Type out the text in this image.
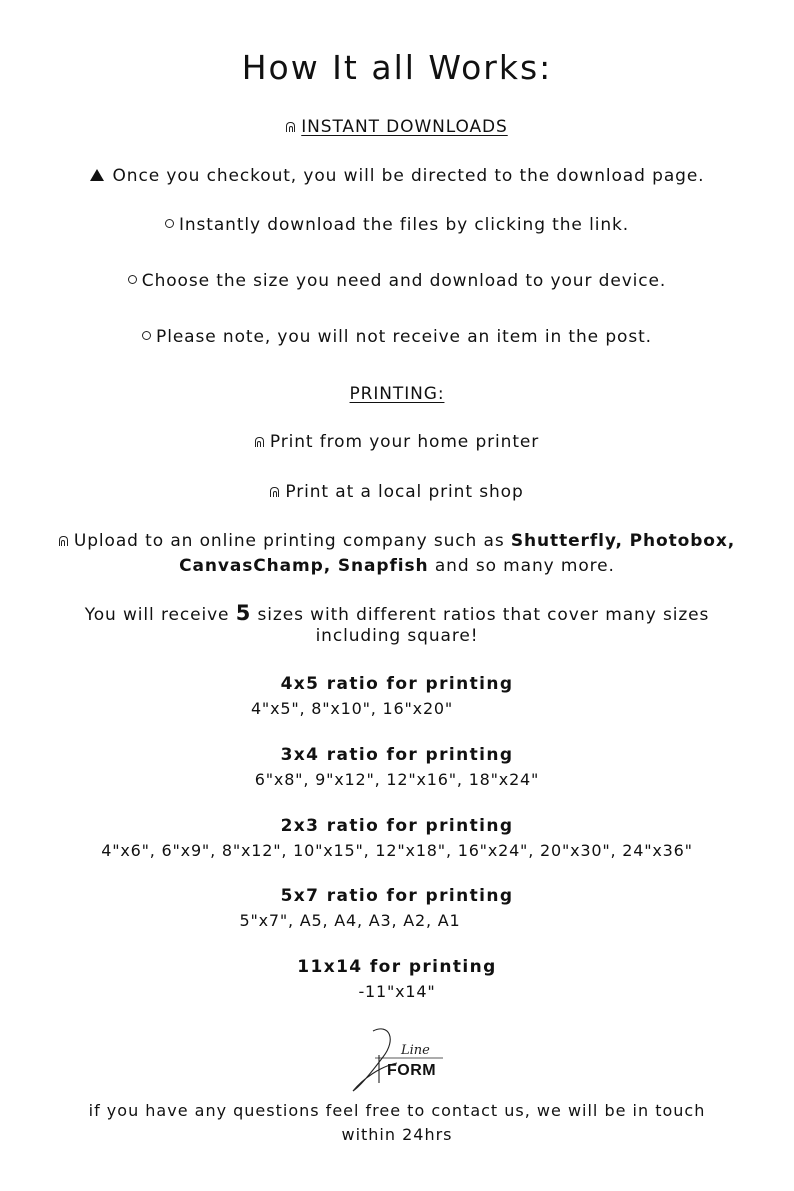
How It all Works:
INSTANT DOWNLOADS
Once you checkout, you will be directed to the download page.
Instantly download the files by clicking the link.
Choose the size you need and download to your device.
Please note, you will not receive an item in the post.
PRINTING:
Print from your home printer
Print at a local print shop
Upload to an online printing company such as Shutterfly, Photobox,
CanvasChamp, Snapfish and so many more.
You will receive 5 sizes with different ratios that cover many sizes
including square!
4x5 ratio for printing
4"x5", 8"x10", 16"x20"
3x4 ratio for printing
6"x8", 9"x12", 12"x16", 18"x24"
2x3 ratio for printing
4"x6", 6"x9", 8"x12", 10"x15", 12"x18", 16"x24", 20"x30", 24"x36"
5x7 ratio for printing
5"x7", A5, A4, A3, A2, A1
11x14 for printing
-11"x14"
Line
FORM
if you have any questions feel free to contact us, we will be in touch
within 24hrs
